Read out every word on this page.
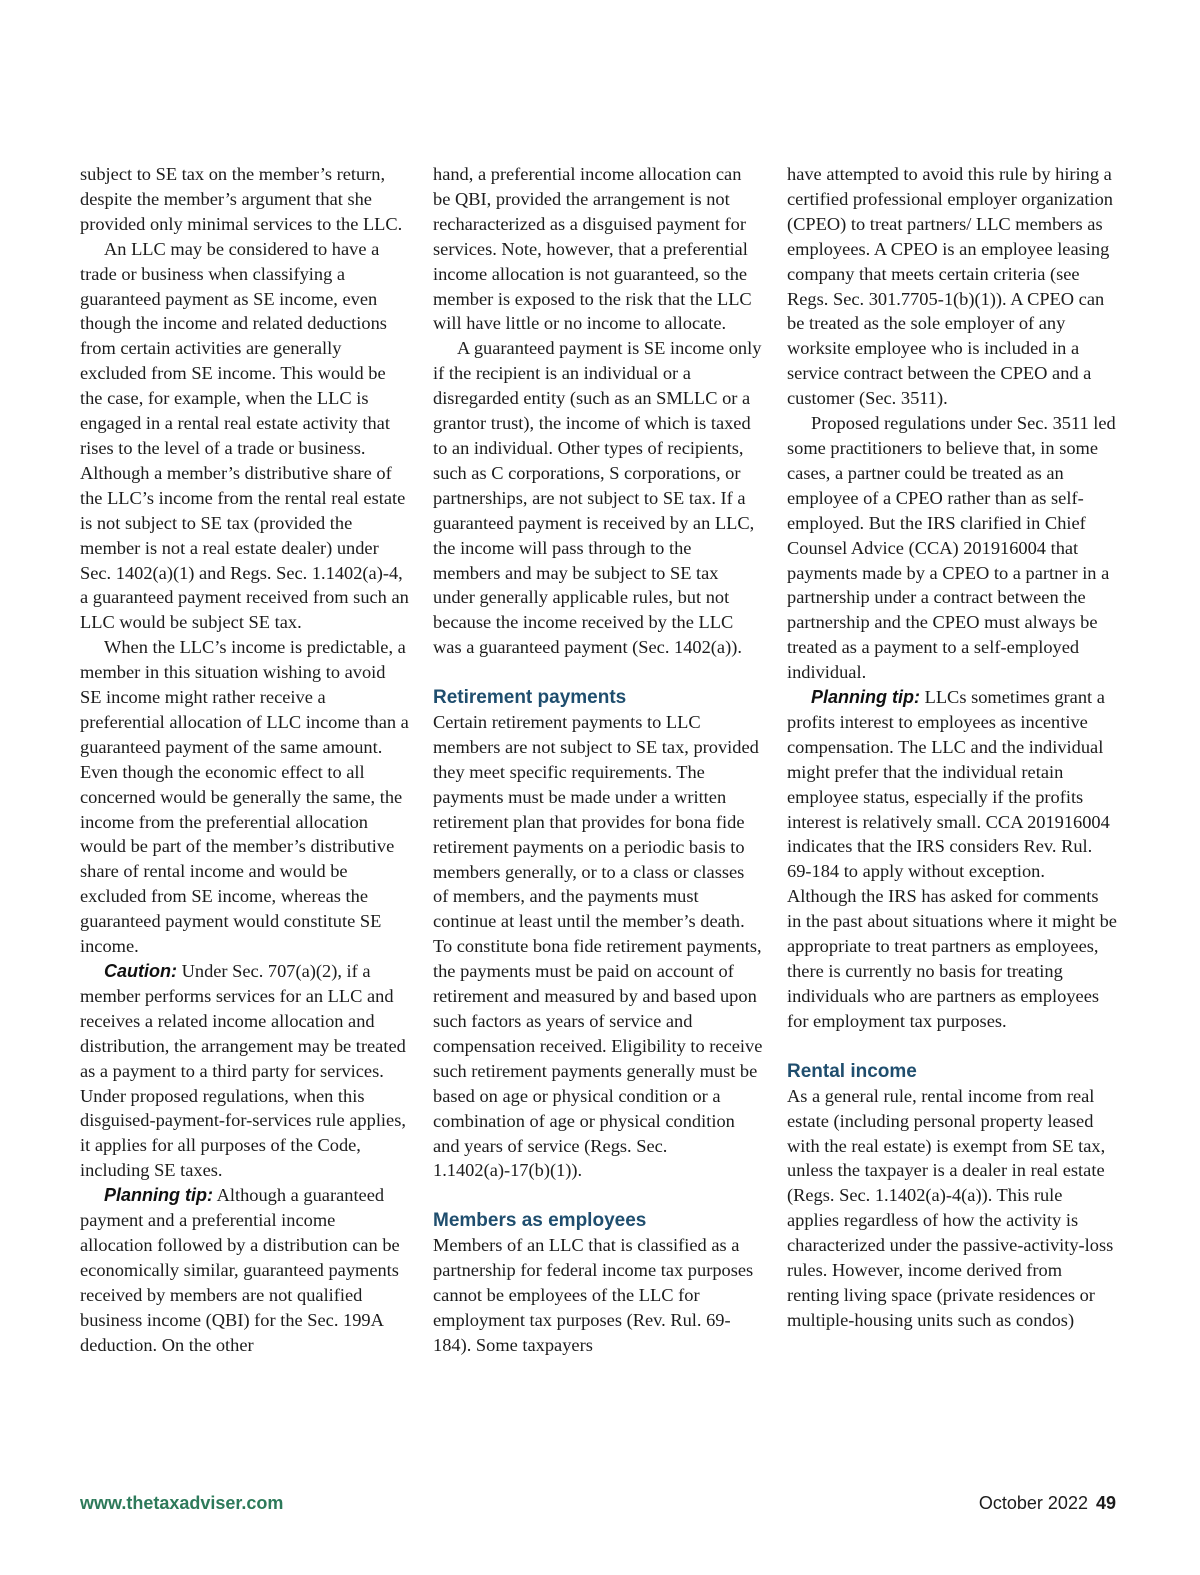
subject to SE tax on the member’s return, despite the member’s argument that she provided only minimal services to the LLC.

An LLC may be considered to have a trade or business when classifying a guaranteed payment as SE income, even though the income and related deductions from certain activities are generally excluded from SE income. This would be the case, for example, when the LLC is engaged in a rental real estate activity that rises to the level of a trade or business. Although a member’s distributive share of the LLC’s income from the rental real estate is not subject to SE tax (provided the member is not a real estate dealer) under Sec. 1402(a)(1) and Regs. Sec. 1.1402(a)-4, a guaranteed payment received from such an LLC would be subject SE tax.

When the LLC’s income is predictable, a member in this situation wishing to avoid SE income might rather receive a preferential allocation of LLC income than a guaranteed payment of the same amount. Even though the economic effect to all concerned would be generally the same, the income from the preferential allocation would be part of the member’s distributive share of rental income and would be excluded from SE income, whereas the guaranteed payment would constitute SE income.

Caution: Under Sec. 707(a)(2), if a member performs services for an LLC and receives a related income allocation and distribution, the arrangement may be treated as a payment to a third party for services. Under proposed regulations, when this disguised-payment-for-services rule applies, it applies for all purposes of the Code, including SE taxes.

Planning tip: Although a guaranteed payment and a preferential income allocation followed by a distribution can be economically similar, guaranteed payments received by members are not qualified business income (QBI) for the Sec. 199A deduction. On the other

hand, a preferential income allocation can be QBI, provided the arrangement is not recharacterized as a disguised payment for services. Note, however, that a preferential income allocation is not guaranteed, so the member is exposed to the risk that the LLC will have little or no income to allocate.

A guaranteed payment is SE income only if the recipient is an individual or a disregarded entity (such as an SMLLC or a grantor trust), the income of which is taxed to an individual. Other types of recipients, such as C corporations, S corporations, or partnerships, are not subject to SE tax. If a guaranteed payment is received by an LLC, the income will pass through to the members and may be subject to SE tax under generally applicable rules, but not because the income received by the LLC was a guaranteed payment (Sec. 1402(a)).

Retirement payments

Certain retirement payments to LLC members are not subject to SE tax, provided they meet specific requirements. The payments must be made under a written retirement plan that provides for bona fide retirement payments on a periodic basis to members generally, or to a class or classes of members, and the payments must continue at least until the member’s death. To constitute bona fide retirement payments, the payments must be paid on account of retirement and measured by and based upon such factors as years of service and compensation received. Eligibility to receive such retirement payments generally must be based on age or physical condition or a combination of age or physical condition and years of service (Regs. Sec. 1.1402(a)-17(b)(1)).

Members as employees

Members of an LLC that is classified as a partnership for federal income tax purposes cannot be employees of the LLC for employment tax purposes (Rev. Rul. 69-184). Some taxpayers

have attempted to avoid this rule by hiring a certified professional employer organization (CPEO) to treat partners/ LLC members as employees. A CPEO is an employee leasing company that meets certain criteria (see Regs. Sec. 301.7705-1(b)(1)). A CPEO can be treated as the sole employer of any worksite employee who is included in a service contract between the CPEO and a customer (Sec. 3511).

Proposed regulations under Sec. 3511 led some practitioners to believe that, in some cases, a partner could be treated as an employee of a CPEO rather than as self-employed. But the IRS clarified in Chief Counsel Advice (CCA) 201916004 that payments made by a CPEO to a partner in a partnership under a contract between the partnership and the CPEO must always be treated as a payment to a self-employed individual.

Planning tip: LLCs sometimes grant a profits interest to employees as incentive compensation. The LLC and the individual might prefer that the individual retain employee status, especially if the profits interest is relatively small. CCA 201916004 indicates that the IRS considers Rev. Rul. 69-184 to apply without exception. Although the IRS has asked for comments in the past about situations where it might be appropriate to treat partners as employees, there is currently no basis for treating individuals who are partners as employees for employment tax purposes.

Rental income

As a general rule, rental income from real estate (including personal property leased with the real estate) is exempt from SE tax, unless the taxpayer is a dealer in real estate (Regs. Sec. 1.1402(a)-4(a)). This rule applies regardless of how the activity is characterized under the passive-activity-loss rules. However, income derived from renting living space (private residences or multiple-housing units such as condos)

www.thetaxadviser.com	October 2022 49
